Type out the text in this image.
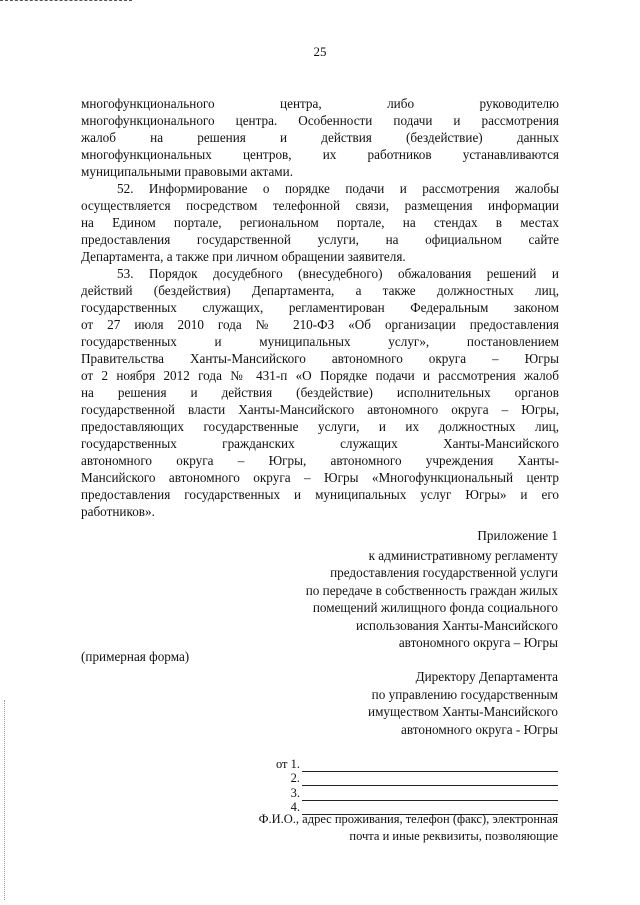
25
многофункционального центра, либо руководителю
многофункционального центра. Особенности подачи и рассмотрения
жалоб на решения и действия (бездействие) данных
многофункциональных центров, их работников устанавливаются
муниципальными правовыми актами.
52. Информирование о порядке подачи и рассмотрения жалобы
осуществляется посредством телефонной связи, размещения информации
на Едином портале, региональном портале, на стендах в местах
предоставления государственной услуги, на официальном сайте
Департамента, а также при личном обращении заявителя.
53. Порядок досудебного (внесудебного) обжалования решений и
действий (бездействия) Департамента, а также должностных лиц,
государственных служащих, регламентирован Федеральным законом
от 27 июля 2010 года № 210-ФЗ «Об организации предоставления
государственных и муниципальных услуг», постановлением
Правительства Ханты-Мансийского автономного округа – Югры
от 2 ноября 2012 года № 431-п «О Порядке подачи и рассмотрения жалоб
на решения и действия (бездействие) исполнительных органов
государственной власти Ханты-Мансийского автономного округа – Югры,
предоставляющих государственные услуги, и их должностных лиц,
государственных гражданских служащих Ханты-Мансийского
автономного округа – Югры, автономного учреждения Ханты-
Мансийского автономного округа – Югры «Многофункциональный центр
предоставления государственных и муниципальных услуг Югры» и его
работников».
Приложение 1
к административному регламенту
предоставления государственной услуги
по передаче в собственность граждан жилых
помещений жилищного фонда социального
использования Ханты-Мансийского
автономного округа – Югры
(примерная форма)
Директору Департамента
по управлению государственным
имуществом Ханты-Мансийского
автономного округа - Югры
от 1.
2.
3.
4.
Ф.И.О., адрес проживания, телефон (факс), электронная
почта и иные реквизиты, позволяющие
